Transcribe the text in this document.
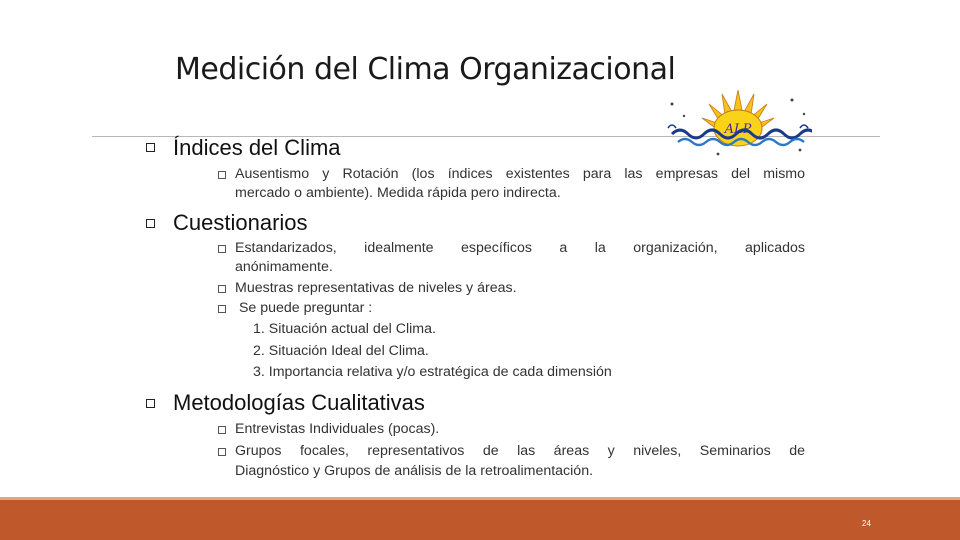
Medición del Clima Organizacional
ALP
Índices del Clima
Ausentismo y Rotación (los índices existentes para las empresas del mismo
mercado o ambiente). Medida rápida pero indirecta.
Cuestionarios
Estandarizados, idealmente específicos a la organización, aplicados
anónimamente.
Muestras representativas de niveles y áreas.
Se puede preguntar :
1. Situación actual del Clima.
2. Situación Ideal del Clima.
3. Importancia relativa y/o estratégica de cada dimensión
Metodologías Cualitativas
Entrevistas Individuales (pocas).
Grupos focales, representativos de las áreas y niveles, Seminarios de
Diagnóstico y Grupos de análisis de la retroalimentación.
24
